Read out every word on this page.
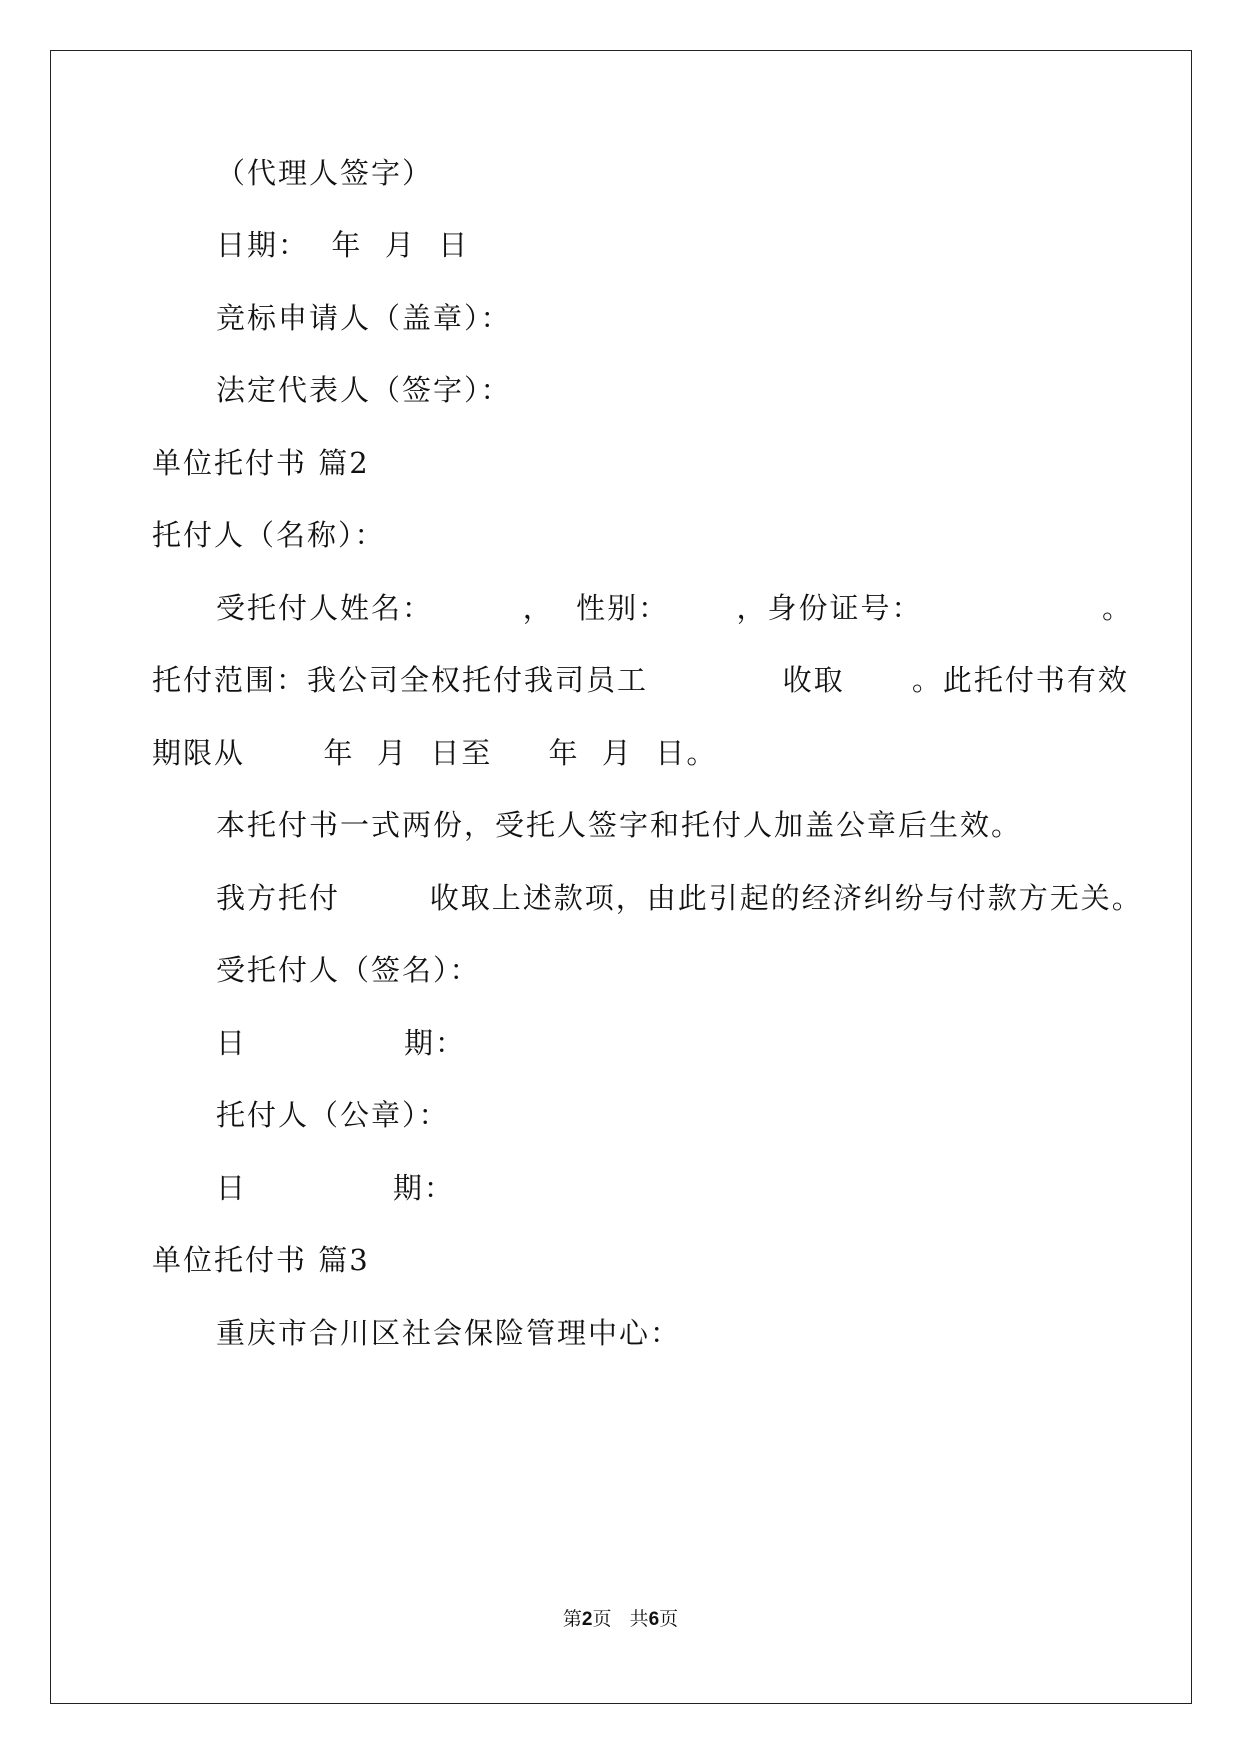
（代理人签字）
日期：  年  月  日
竞标申请人（盖章）：
法定代表人（签字）：
单位托付书 篇2
托付人（名称）：
受托付人姓名：        ，  性别：      ，身份证号：                。
托付范围：我公司全权托付我司员工            收取      。此托付书有效
期限从       年  月  日至     年  月  日。
本托付书一式两份，受托人签字和托付人加盖公章后生效。
我方托付        收取上述款项，由此引起的经济纠纷与付款方无关。
受托付人（签名）：
日              期：
托付人（公章）：
日             期：
单位托付书 篇3
重庆市合川区社会保险管理中心：
第2页   共6页
